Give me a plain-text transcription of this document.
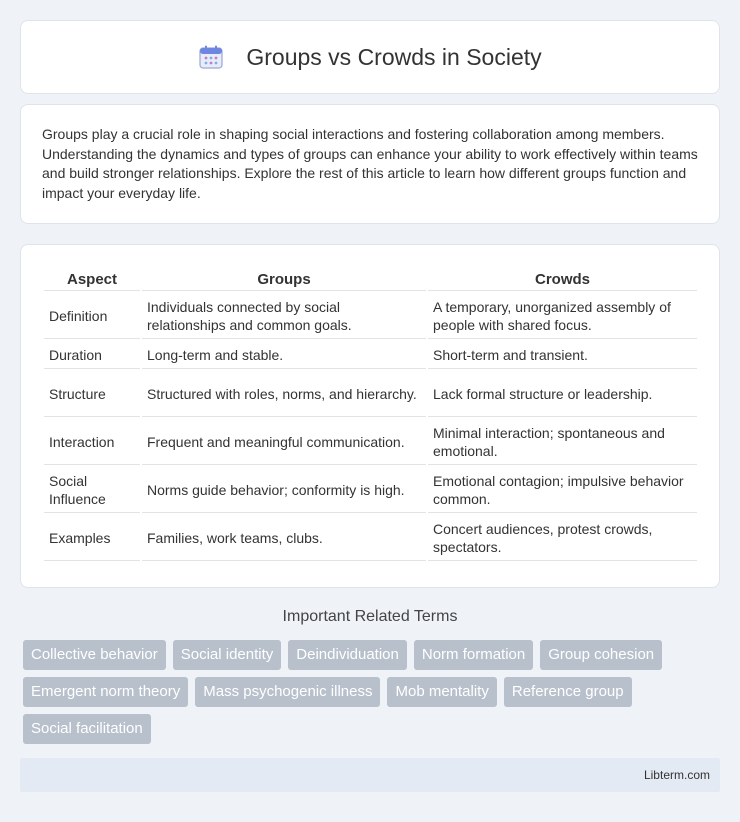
Groups vs Crowds in Society

Groups play a crucial role in shaping social interactions and fostering collaboration among members. Understanding the dynamics and types of groups can enhance your ability to work effectively within teams and build stronger relationships. Explore the rest of this article to learn how different groups function and impact your everyday life.

Aspect	Groups	Crowds
Definition	Individuals connected by social relationships and common goals.	A temporary, unorganized assembly of people with shared focus.
Duration	Long-term and stable.	Short-term and transient.
Structure	Structured with roles, norms, and hierarchy.	Lack formal structure or leadership.
Interaction	Frequent and meaningful communication.	Minimal interaction; spontaneous and emotional.
Social Influence	Norms guide behavior; conformity is high.	Emotional contagion; impulsive behavior common.
Examples	Families, work teams, clubs.	Concert audiences, protest crowds, spectators.
Important Related Terms
Collective behavior	Social identity	Deindividuation	Norm formation	Group cohesion
Emergent norm theory	Mass psychogenic illness	Mob mentality	Reference group
Social facilitation
Libterm.com
